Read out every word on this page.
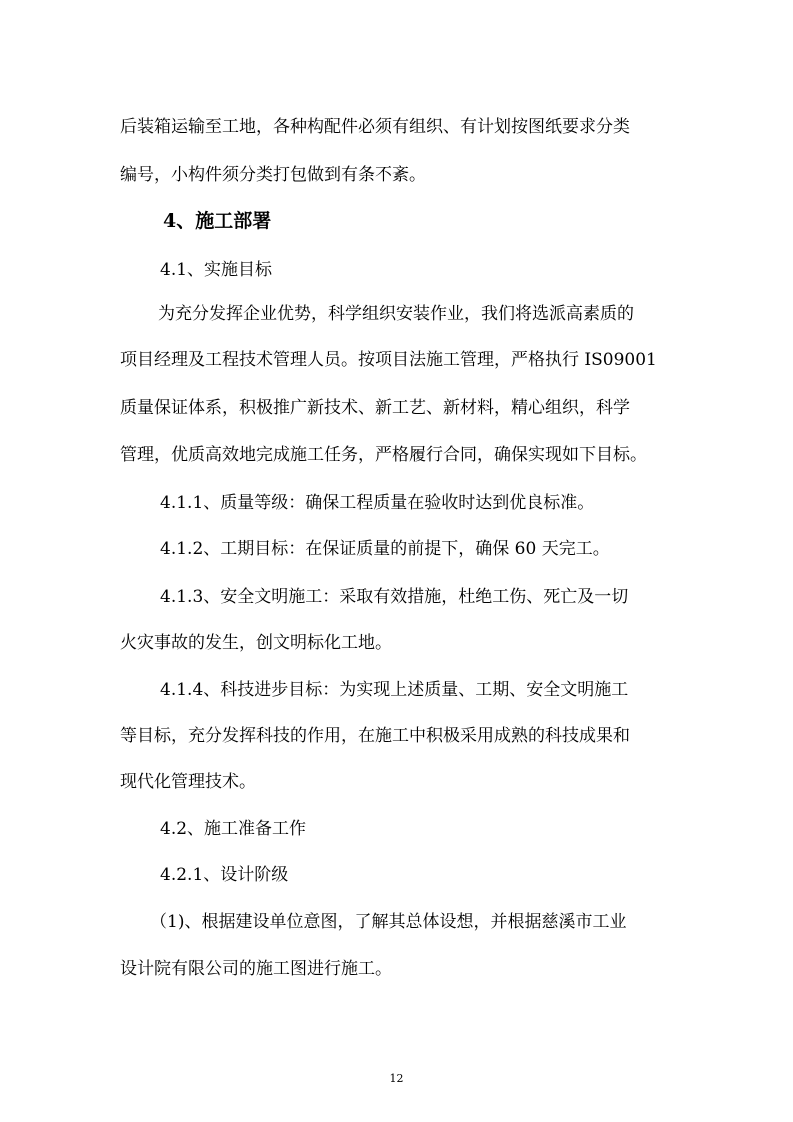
后装箱运输至工地，各种构配件必须有组织、有计划按图纸要求分类
编号，小构件须分类打包做到有条不紊。
4、施工部署
4.1、实施目标
为充分发挥企业优势，科学组织安装作业，我们将选派高素质的
项目经理及工程技术管理人员。按项目法施工管理，严格执行 IS09001
质量保证体系，积极推广新技术、新工艺、新材料，精心组织，科学
管理，优质高效地完成施工任务，严格履行合同，确保实现如下目标。
4.1.1、质量等级：确保工程质量在验收时达到优良标准。
4.1.2、工期目标：在保证质量的前提下，确保 60 天完工。
4.1.3、安全文明施工：采取有效措施，杜绝工伤、死亡及一切
火灾事故的发生，创文明标化工地。
4.1.4、科技进步目标：为实现上述质量、工期、安全文明施工
等目标，充分发挥科技的作用，在施工中积极采用成熟的科技成果和
现代化管理技术。
4.2、施工准备工作
4.2.1、设计阶级
（1)、根据建设单位意图，了解其总体设想，并根据慈溪市工业
设计院有限公司的施工图进行施工。
12
